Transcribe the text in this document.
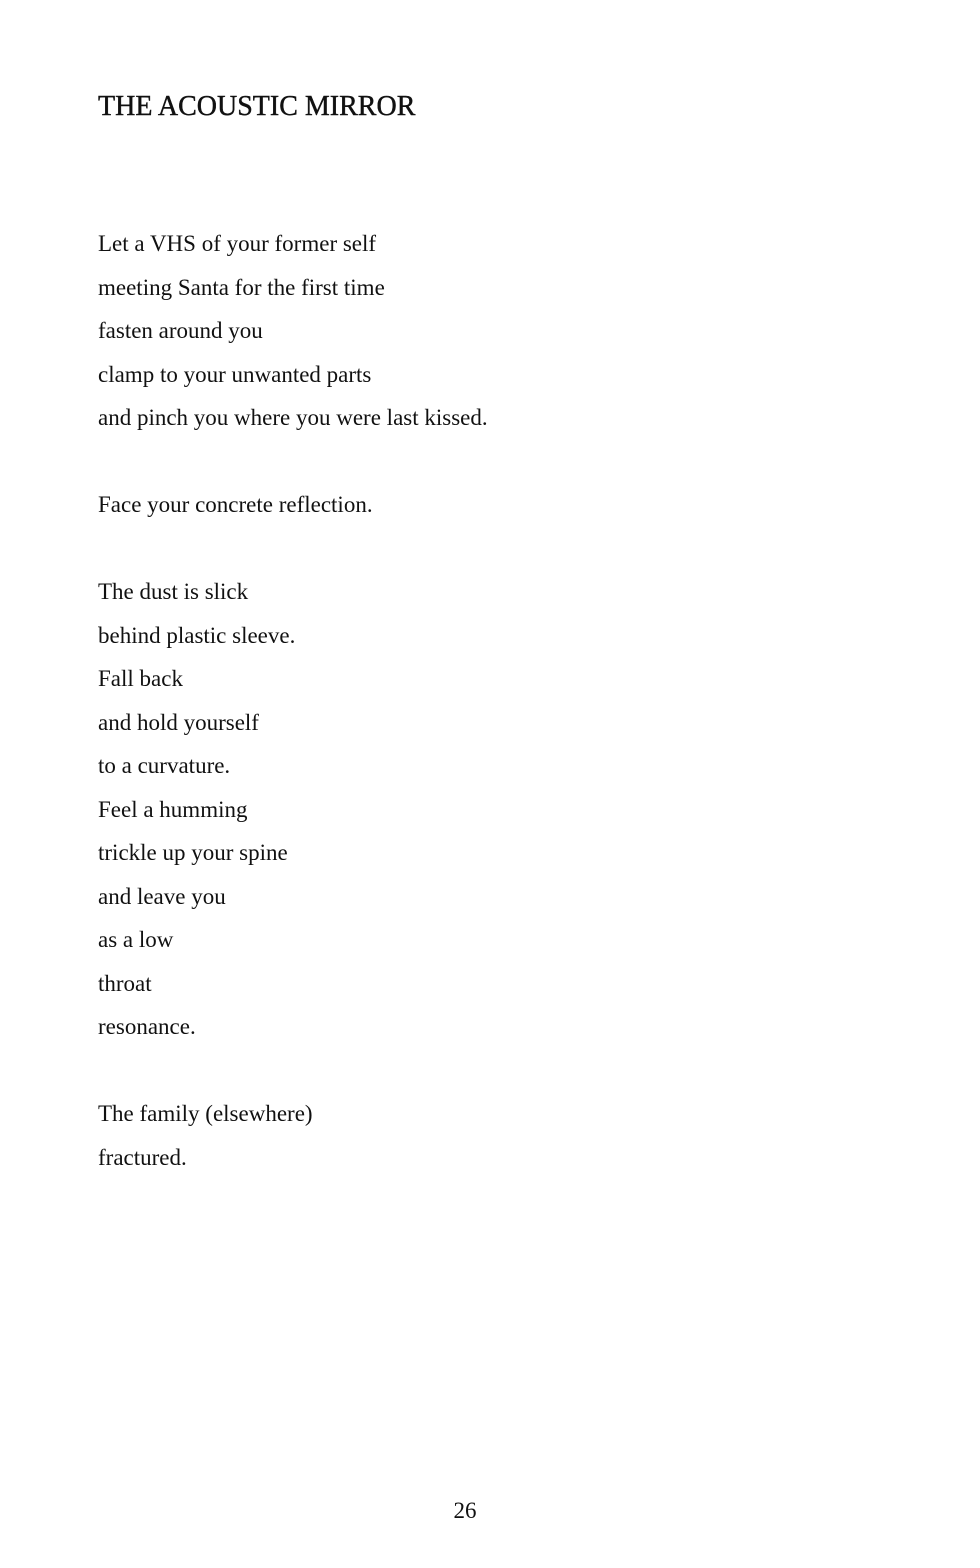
THE ACOUSTIC MIRROR
Let a VHS of your former self
meeting Santa for the first time
fasten around you
clamp to your unwanted parts
and pinch you where you were last kissed.
Face your concrete reflection.
The dust is slick
behind plastic sleeve.
Fall back
and hold yourself
to a curvature.
Feel a humming
trickle up your spine
and leave you
as a low
throat
resonance.
The family (elsewhere)
fractured.
26
